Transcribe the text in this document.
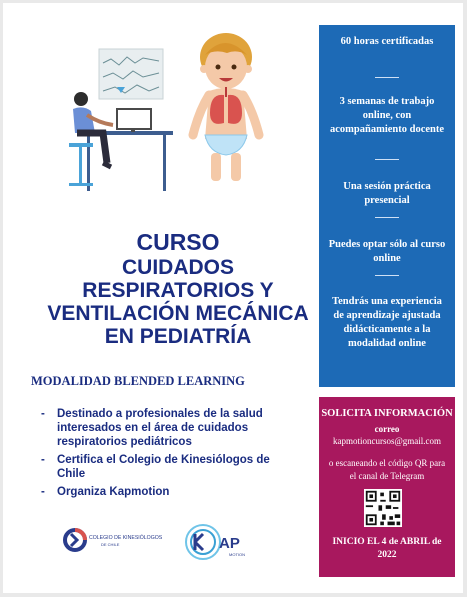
CURSO
CUIDADOS
RESPIRATORIOS Y
VENTILACIÓN MECÁNICA
EN PEDIATRÍA
MODALIDAD BLENDED LEARNING
-	Destinado a profesionales de la salud interesados en el área de cuidados respiratorios pediátricos
-	Certifica el Colegio de Kinesiólogos de Chile
-	Organiza Kapmotion
COLEGIO DE KINESIÓLOGOS
DE CHILE	AP
MOTION
60 horas certificadas
3 semanas de trabajo online, con acompañamiento docente
Una sesión práctica presencial
Puedes optar sólo al curso online
Tendrás una experiencia de aprendizaje ajustada didácticamente a la modalidad online
SOLICITA INFORMACIÓN
correo
kapmotioncursos@gmail.com
o escaneando el código QR para el canal de Telegram
INICIO EL 4 de ABRIL de 2022
